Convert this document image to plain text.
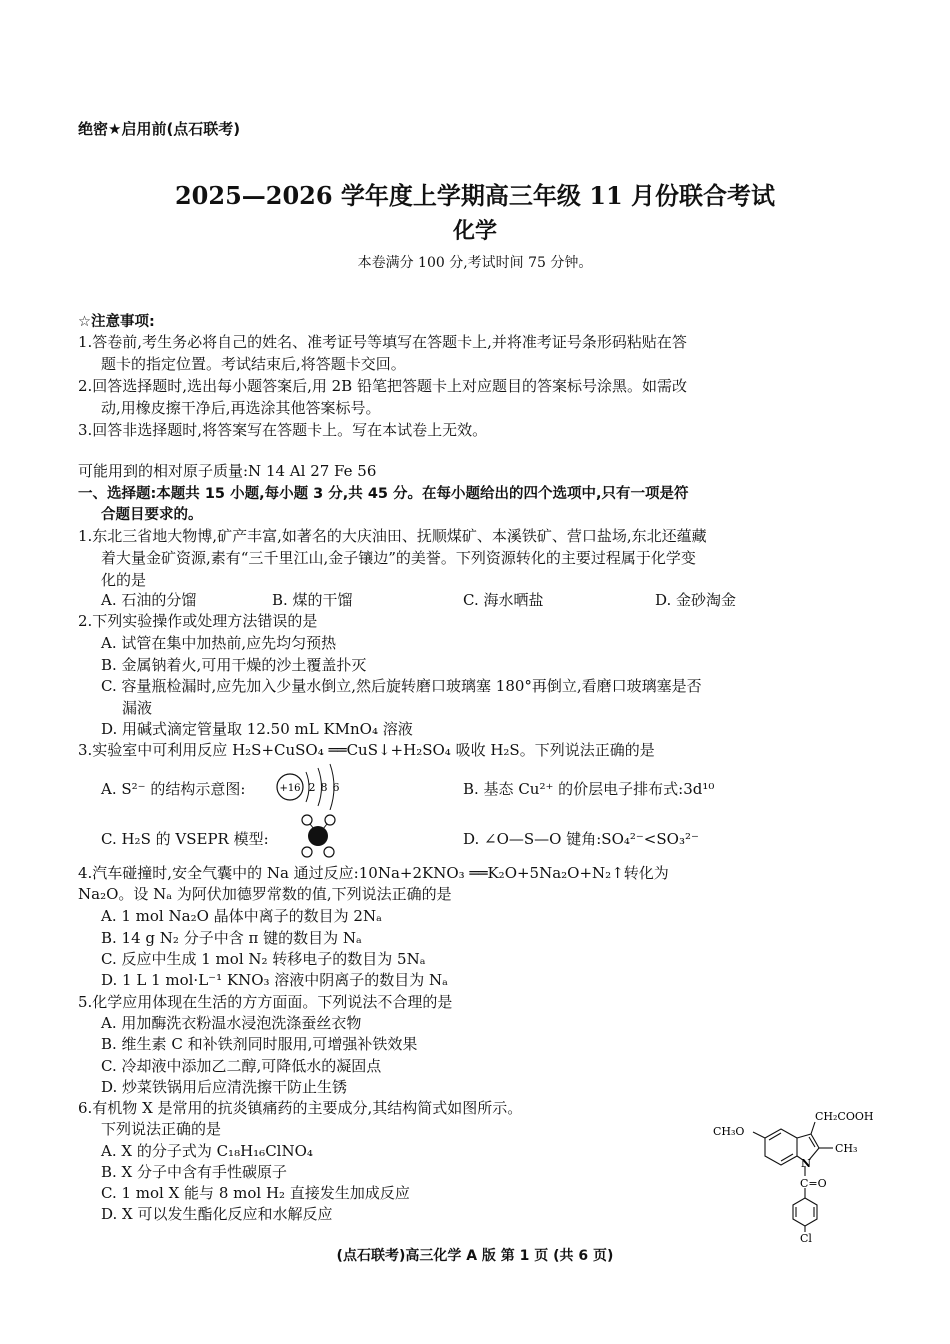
绝密★启用前(点石联考)
2025—2026 学年度上学期高三年级 11 月份联合考试
化学
本卷满分 100 分,考试时间 75 分钟。
☆注意事项:
1.答卷前,考生务必将自己的姓名、准考证号等填写在答题卡上,并将准考证号条形码粘贴在答
题卡的指定位置。考试结束后,将答题卡交回。
2.回答选择题时,选出每小题答案后,用 2B 铅笔把答题卡上对应题目的答案标号涂黑。如需改
动,用橡皮擦干净后,再选涂其他答案标号。
3.回答非选择题时,将答案写在答题卡上。写在本试卷上无效。
可能用到的相对原子质量:N 14 Al 27 Fe 56
一、选择题:本题共 15 小题,每小题 3 分,共 45 分。在每小题给出的四个选项中,只有一项是符
合题目要求的。
1.东北三省地大物博,矿产丰富,如著名的大庆油田、抚顺煤矿、本溪铁矿、营口盐场,东北还蕴藏
着大量金矿资源,素有“三千里江山,金子镶边”的美誉。下列资源转化的主要过程属于化学变
化的是
A. 石油的分馏	B. 煤的干馏	C. 海水晒盐	D. 金砂淘金
2.下列实验操作或处理方法错误的是
A. 试管在集中加热前,应先均匀预热
B. 金属钠着火,可用干燥的沙土覆盖扑灭
C. 容量瓶检漏时,应先加入少量水倒立,然后旋转磨口玻璃塞 180°再倒立,看磨口玻璃塞是否
漏液
D. 用碱式滴定管量取 12.50 mL KMnO₄ 溶液
3.实验室中可利用反应 H₂S+CuSO₄ ══CuS↓+H₂SO₄ 吸收 H₂S。下列说法正确的是
A. S²⁻ 的结构示意图:	+16 2 8 6	B. 基态 Cu²⁺ 的价层电子排布式:3d¹⁰
C. H₂S 的 VSEPR 模型:	D. ∠O—S—O 键角:SO₄²⁻<SO₃²⁻
4.汽车碰撞时,安全气囊中的 Na 通过反应:10Na+2KNO₃ ══K₂O+5Na₂O+N₂↑转化为
Na₂O。设 Nₐ 为阿伏加德罗常数的值,下列说法正确的是
A. 1 mol Na₂O 晶体中离子的数目为 2Nₐ
B. 14 g N₂ 分子中含 π 键的数目为 Nₐ
C. 反应中生成 1 mol N₂ 转移电子的数目为 5Nₐ
D. 1 L 1 mol·L⁻¹ KNO₃ 溶液中阴离子的数目为 Nₐ
5.化学应用体现在生活的方方面面。下列说法不合理的是
A. 用加酶洗衣粉温水浸泡洗涤蚕丝衣物
B. 维生素 C 和补铁剂同时服用,可增强补铁效果
C. 冷却液中添加乙二醇,可降低水的凝固点
D. 炒菜铁锅用后应清洗擦干防止生锈
6.有机物 X 是常用的抗炎镇痛药的主要成分,其结构简式如图所示。
下列说法正确的是
A. X 的分子式为 C₁₈H₁₆ClNO₄
B. X 分子中含有手性碳原子
C. 1 mol X 能与 8 mol H₂ 直接发生加成反应
D. X 可以发生酯化反应和水解反应
CH₃O
CH₂COOH
CH₃
N
C=O
Cl
(点石联考)高三化学 A 版 第 1 页 (共 6 页)
